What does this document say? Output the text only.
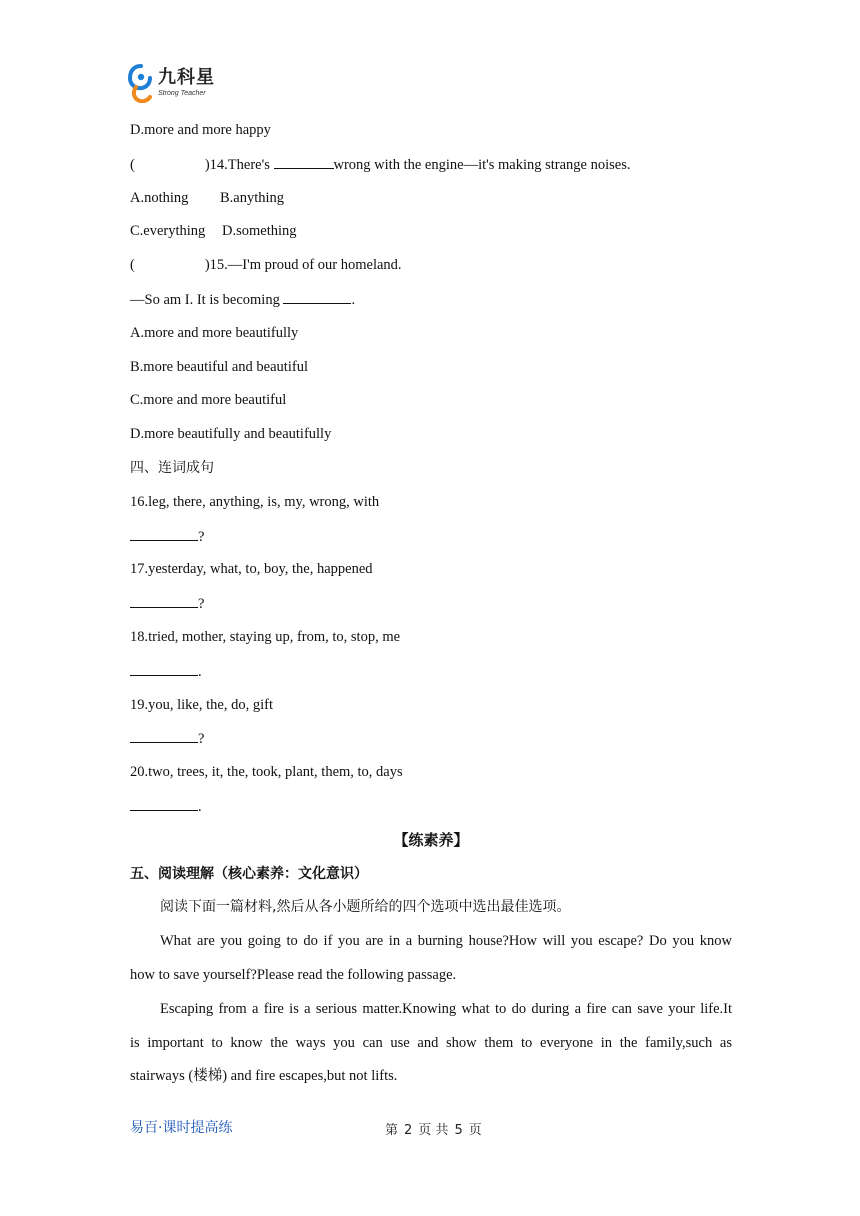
九科星
Strong Teacher
D.more and more happy
(	)14.There's	wrong with the engine—it's making strange noises.
A.nothing B.anything
C.everything D.something
(	)15.—I'm proud of our homeland.
—So am I. It is becoming	.
A.more and more beautifully
B.more beautiful and beautiful
C.more and more beautiful
D.more beautifully and beautifully
四、连词成句
16.leg, there, anything, is, my, wrong, with
?
17.yesterday, what, to, boy, the, happened
?
18.tried, mother, staying up, from, to, stop, me
.
19.you, like, the, do, gift
?
20.two, trees, it, the, took, plant, them, to, days
.
【练素养】
五、阅读理解（核心素养：文化意识）
阅读下面一篇材料,然后从各小题所给的四个选项中选出最佳选项。
What are you going to do if you are in a burning house?How will you escape? Do you know
how to save yourself?Please read the following passage.
Escaping from a fire is a serious matter.Knowing what to do during a fire can save your life.It
is important to know the ways you can use and show them to everyone in the family,such as
stairways (楼梯) and fire escapes,but not lifts.
易百·课时提高练	第 2 页 共 5 页
